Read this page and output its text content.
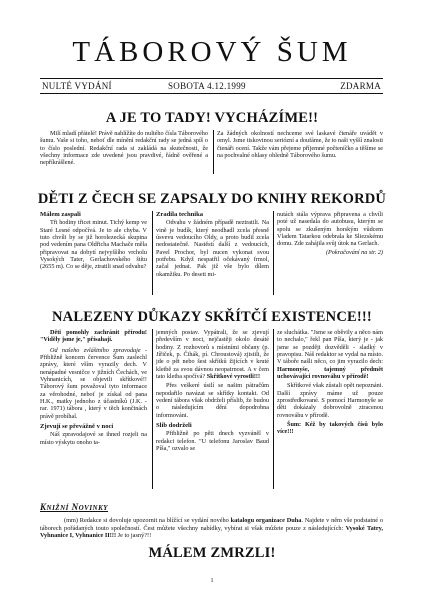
TÁBOROVÝ ŠUM
NULTÉ VYDÁNÍ	SOBOTA 4.12.1999	ZDARMA
A JE TO TADY! VYCHÁZÍME!!

Milí mladí přátelé! Právě nahlížíte do nultého čísla Táborového šumu. Vaše si toho, neboť dle mínění redakční rady se jedná spíš o to číslo poslední. Redakční rada si zakládá na skutečnosti, že všechny informace zde uvedené jsou pravdivé, řádně ověřené a nepříkrášlené.

Za žádných okolností nechceme své laskavé čtenáře uvádět v omyl. Jsme tiskovinou seriózní a doufáme, že to naši vyšší znalosti čtenáři ocení. Takže vám přejeme příjemné počteníčko a těšíme se na pochvalné ohlasy ohledně Táborového šumu.

DĚTI Z ČECH SE ZAPSALY DO KNIHY REKORDŮ
Málem zaspali

Tři hodiny třicet minut. Tichý kemp ve Staré Lesné odpočívá. Je to ale chyba. V tuto chvíli by se již horolezecká skupina pod vedením pana Oldřicha Machače měla připravovat na dobytí nejvyššího vrcholu Vysokých Tater, Gerlachovského štítu (2655 m). Co se děje, ztratili snad odvahu?

Zradila technika

Odvahu v žádném případě neztratili. Na vině je budík, který neodhadl zcela přesně úsvevu vedoucího Oldy, a proto budil zcela nedostatečně. Nastěstí další z vedoucích, Pavel Prochor, byl nucen vykonat svou potřebu. Když nespatřil očekávaný frmol, začal jednat. Pak již vše bylo dílem okamžiku. Po deseti mi-

nutách stála výprava připravena a chvíli poté už nasedala do autobusu, kterým se spolu se zkušeným horským vůdcem Vladem Tatarkou odebrala ke Sliezskému domu. Zde zahájila svůj útok na Gerlach.

(Pokračování na str. 2)
NALEZENY DŮKAZY SKŘÍTČÍ EXISTENCE!!!

Děti pomohly zachránit přírodu! "Viděly jsme je," přísahají.

Od našeho zvláštního zpravodaje - Přibližně koncem července Šum zaslechl zprávy, které vším vyrazily dech. V nenápadné vesničce v jižních Čechách, ve Vyhnanicích, se objevili skřítkové!! Táborový šum považoval tyto informace za věrohodné, neboť je získal od pana H.K., matky jednoho z účastníků (J.K. - rar. 1971) tábora , který v těch končinách právě probíhal.

Zjevují se převážně v noci

Náš zpravodajové se ihned rozjeli na místo výskytu onoho ta-

jemných postav. Vypátrali, že se zjevují především v noci, nejčastěji okolo desáté hodiny. Z rozhovorů s místními občany (p. Jířiček, p. Čihák, pí. Chroustová) zjistili, že jde o pět nebo šest skřítků žijících v kruté kletbě za svou dávnou neopatrnost. A v čem tato kletba spočívá? Skřítkové vyrostli!!!

Přes veškeré úsilí se našim pátračům nepodařilo navázat se skřítky kontakt. Od vedení tábora však obdrželi příslib, že budou o následujícím dění dopodrobna informováni.

Slib dodrželi

Přibližně po pěti dnech vyzváněl v redakci telefon. "U telefonu Jaroslav Baud Píša," ozvalo se

ze sluchátka. "Jsme se oběvily a něco nám to nechalo," řekl pan Píša, který je - jak jsme se později dozvěděli - sladký v pravopisu. Náš redaktor se vydal na místo. V táboře našli něco, co jim vyrazilo dech: Harmonyše, tajemný předmět uchovávající rovnováhu v přírodě!

Skřítkové však zůstali opět nepoznáni. Další zprávy máme už pouze zprostředkované. S pomocí Harmonyše se děti dokázaly dobrovolně ztracenou rovnováhu v přírodě.

Šum: Kéž by takových čísů bylo více!!!

KNIŽNÍ NOVINKY

(mm) Redakce si dovoluje upozornit na blížící se vydání nového katalogu organizace Duha. Najdete v něm vše podstatné o táborech pořádaných touto společností. Čest můžete všechny nabídky, vybírat si však můžete pouze z následujících: Vysoké Tatry, Vyhnanice I, Vyhnanice II!!! Je to jasný?!!

MÁLEM ZMRZLI!
1
